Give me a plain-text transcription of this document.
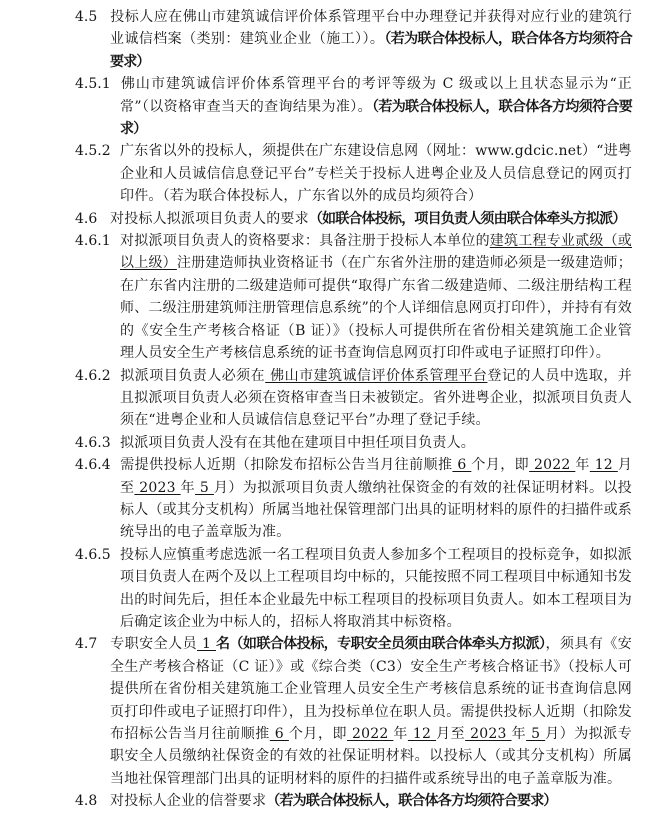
4.5 投标人应在佛山市建筑诚信评价体系管理平台中办理登记并获得对应行业的建筑行业诚信档案（类别：建筑业企业（施工））。（若为联合体投标人，联合体各方均须符合要求）

4.5.1 佛山市建筑诚信评价体系管理平台的考评等级为 C 级或以上且状态显示为“正常”（以资格审查当天的查询结果为准）。（若为联合体投标人，联合体各方均须符合要求）

4.5.2 广东省以外的投标人，须提供在广东建设信息网（网址：www.gdcic.net）“进粤企业和人员诚信信息登记平台”专栏关于投标人进粤企业及人员信息登记的网页打印件。（若为联合体投标人，广东省以外的成员均须符合）

4.6 对投标人拟派项目负责人的要求（如联合体投标，项目负责人须由联合体牵头方拟派）

4.6.1 对拟派项目负责人的资格要求：具备注册于投标人本单位的建筑工程专业贰级（或以上级）注册建造师执业资格证书（在广东省外注册的建造师必须是一级建造师；在广东省内注册的二级建造师可提供“取得广东省二级建造师、二级注册结构工程师、二级注册建筑师注册管理信息系统”的个人详细信息网页打印件），并持有有效的《安全生产考核合格证（B 证）》（投标人可提供所在省份相关建筑施工企业管理人员安全生产考核信息系统的证书查询信息网页打印件或电子证照打印件）。

4.6.2 拟派项目负责人必须在 佛山市建筑诚信评价体系管理平台登记的人员中选取，并且拟派项目负责人必须在资格审查当日未被锁定。省外进粤企业，拟派项目负责人须在“进粤企业和人员诚信信息登记平台”办理了登记手续。

4.6.3 拟派项目负责人没有在其他在建项目中担任项目负责人。

4.6.4 需提供投标人近期（扣除发布招标公告当月往前顺推 6 个月，即 2022 年 12 月至 2023 年 5 月）为拟派项目负责人缴纳社保资金的有效的社保证明材料。以投标人（或其分支机构）所属当地社保管理部门出具的证明材料的原件的扫描件或系统导出的电子盖章版为准。

4.6.5 投标人应慎重考虑选派一名工程项目负责人参加多个工程项目的投标竞争，如拟派项目负责人在两个及以上工程项目均中标的，只能按照不同工程项目中标通知书发出的时间先后，担任本企业最先中标工程项目的投标项目负责人。如本工程项目为后确定该企业为中标人的，招标人将取消其中标资格。

4.7 专职安全人员 1 名（如联合体投标，专职安全员须由联合体牵头方拟派），须具有《安全生产考核合格证（C 证）》或《综合类（C3）安全生产考核合格证书》（投标人可提供所在省份相关建筑施工企业管理人员安全生产考核信息系统的证书查询信息网页打印件或电子证照打印件），且为投标单位在职人员。需提供投标人近期（扣除发布招标公告当月往前顺推 6 个月，即 2022 年 12 月至 2023 年 5 月）为拟派专职安全人员缴纳社保资金的有效的社保证明材料。以投标人（或其分支机构）所属当地社保管理部门出具的证明材料的原件的扫描件或系统导出的电子盖章版为准。

4.8 对投标人企业的信誉要求（若为联合体投标人，联合体各方均须符合要求）
